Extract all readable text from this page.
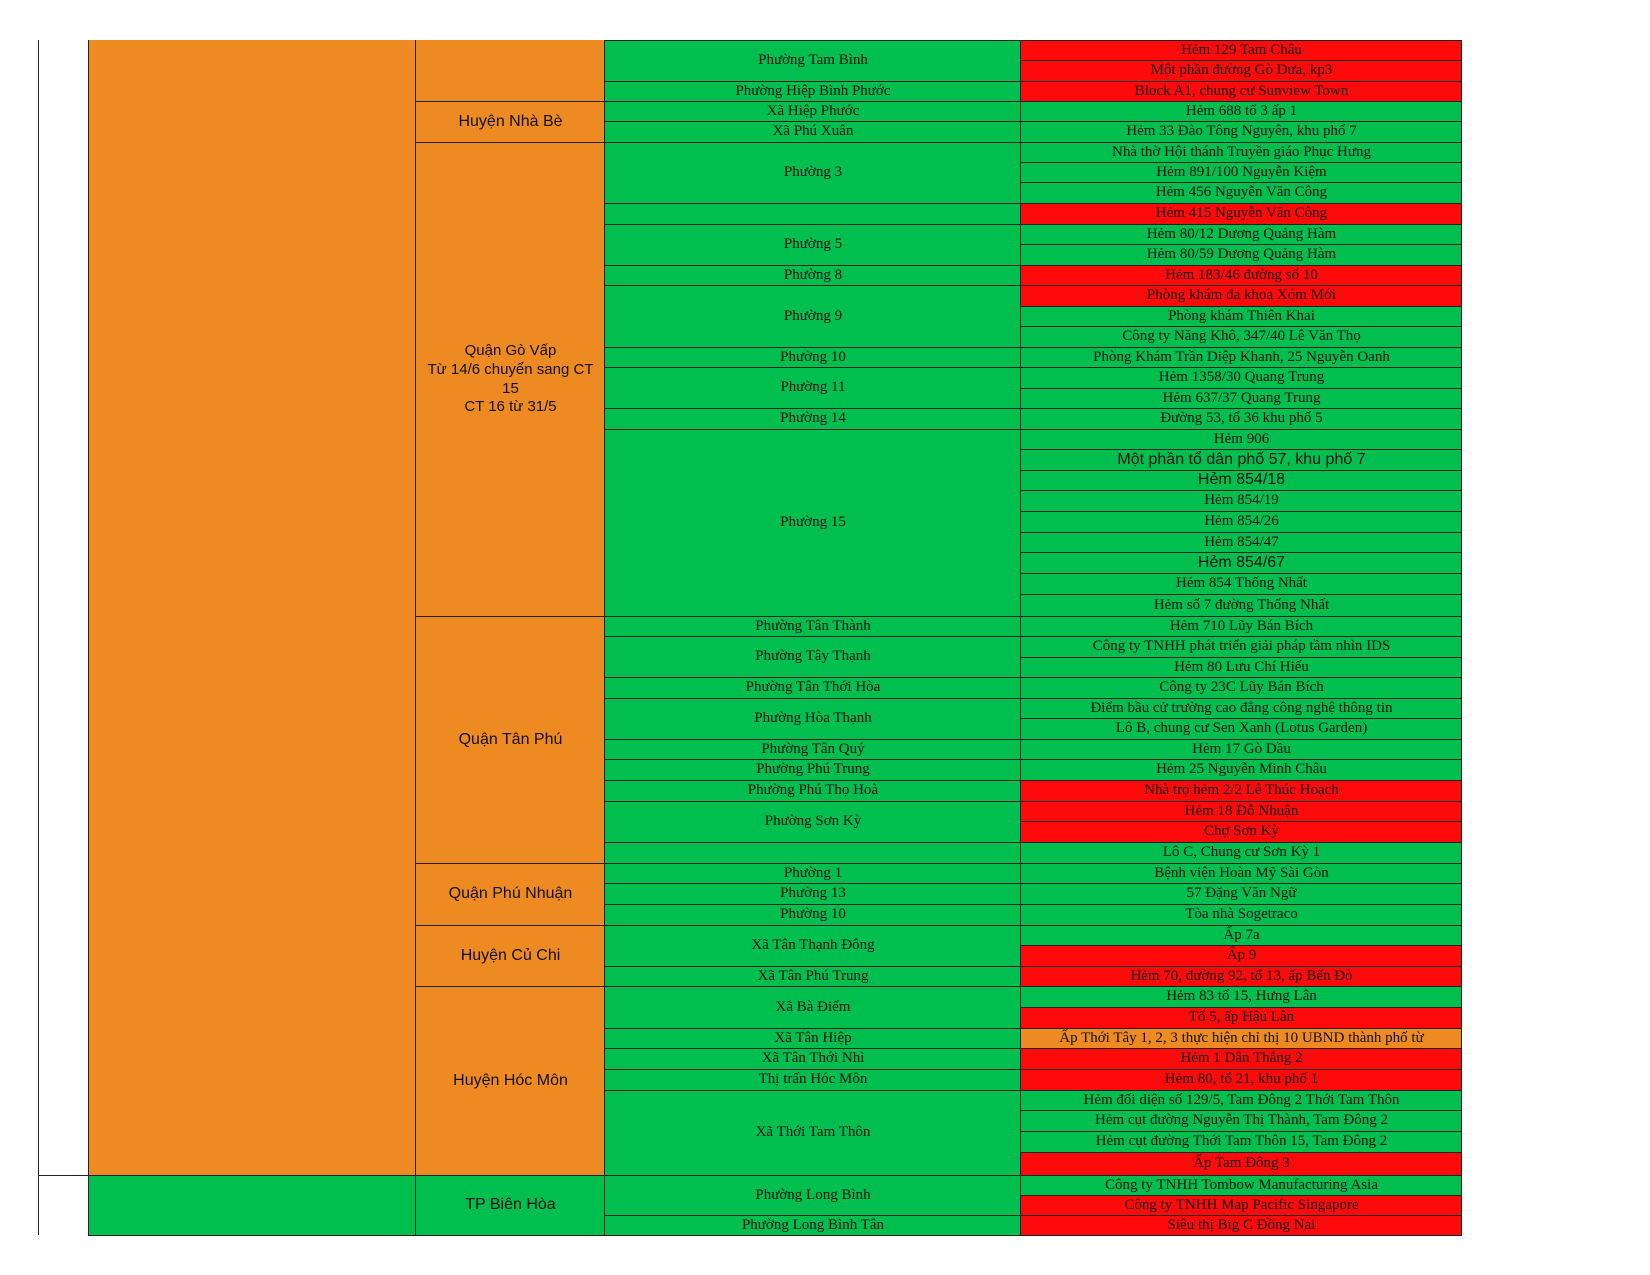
Huyện Nhà Bè
Quận Gò Vấp
Từ 14/6 chuyển sang CT 15
CT 16 từ 31/5
Quận Tân Phú
Quận Phú Nhuận
Huyện Củ Chi
Huyện Hóc Môn
TP Biên Hòa
Phường Tam Bình
Phường Hiệp Bình Phước
Xã Hiệp Phước
Xã Phú Xuân
Phường 3
Phường 5
Phường 8
Phường 9
Phường 10
Phường 11
Phường 14
Phường 15
Phường Tân Thành
Phường Tây Thạnh
Phường Tân Thới Hòa
Phường Hòa Thạnh
Phường Tân Quý
Phường Phú Trung
Phường Phú Thọ Hoà
Phường Sơn Kỳ
Phường 1
Phường 13
Phường 10
Xã Tân Thạnh Đông
Xã Tân Phú Trung
Xã Bà Điểm
Xã Tân Hiệp
Xã Tân Thới Nhì
Thị trấn Hóc Môn
Xã Thới Tam Thôn
Phường Long Bình
Phường Long Bình Tân
Hẻm 129 Tam Châu
Một phần đường Gò Dưa, kp3
Block A1, chung cư Sunview Town
Hẻm 688 tổ 3 ấp 1
Hẻm 33 Đào Tông Nguyên, khu phố 7
Nhà thờ Hội thánh Truyền giáo Phục Hưng
Hẻm 891/100 Nguyễn Kiệm
Hẻm 456 Nguyễn Văn Công
Hẻm 415 Nguyễn Văn Công
Hẻm 80/12 Dương Quảng Hàm
Hẻm 80/59 Dương Quảng Hàm
Hẻm 183/46 đường số 10
Phòng khám đa khoa Xóm Mới
Phòng khám Thiên Khai
Công ty Năng Khô, 347/40 Lê Văn Thọ
Phòng Khám Trần Diệp Khanh, 25 Nguyễn Oanh
Hẻm 1358/30 Quang Trung
Hẻm 637/37 Quang Trung
Đường 53, tổ 36 khu phố 5
Hẻm 906
Một phần tổ dân phố 57, khu phố 7
Hẻm 854/18
Hẻm 854/19
Hẻm 854/26
Hẻm 854/47
Hẻm 854/67
Hẻm 854 Thống Nhất
Hẻm số 7 đường Thống Nhất
Hẻm 710 Lũy Bán Bích
Công ty TNHH phát triển giải pháp tầm nhìn IDS
Hẻm 80 Lưu Chí Hiếu
Công ty 23C Lũy Bán Bích
Điểm bầu cử trường cao đẳng công nghệ thông tin
Lô B, chung cư Sen Xanh (Lotus Garden)
Hẻm 17 Gò Dầu
Hẻm 25 Nguyễn Minh Châu
Nhà trọ hẻm 2/2 Lê Thúc Hoạch
Hẻm 18 Đỗ Nhuận
Chợ Sơn Kỳ
Lô C, Chung cư Sơn Kỳ 1
Bệnh viện Hoàn Mỹ Sài Gòn
57 Đặng Văn Ngữ
Tòa nhà Sogetraco
Ấp 7a
Ấp 9
Hẻm 70, đường 92, tổ 13, ấp Bến Đò
Hẻm 83 tổ 15, Hưng Lân
Tổ 5, ấp Hậu Lân
Ấp Thới Tây 1, 2, 3 thực hiện chỉ thị 10 UBND thành phố từ
Hẻm 1 Dân Thắng 2
Hẻm 80, tổ 21, khu phố 1
Hẻm đối diện số 129/5, Tam Đông 2 Thới Tam Thôn
Hẻm cụt đường Nguyễn Thị Thành, Tam Đông 2
Hẻm cụt đường Thới Tam Thôn 15, Tam Đông 2
Ấp Tam Đông 3
Công ty TNHH Tombow Manufacturing Asia
Công ty TNHH Map Pacific Singapore
Siêu thị Big C Đồng Nai
